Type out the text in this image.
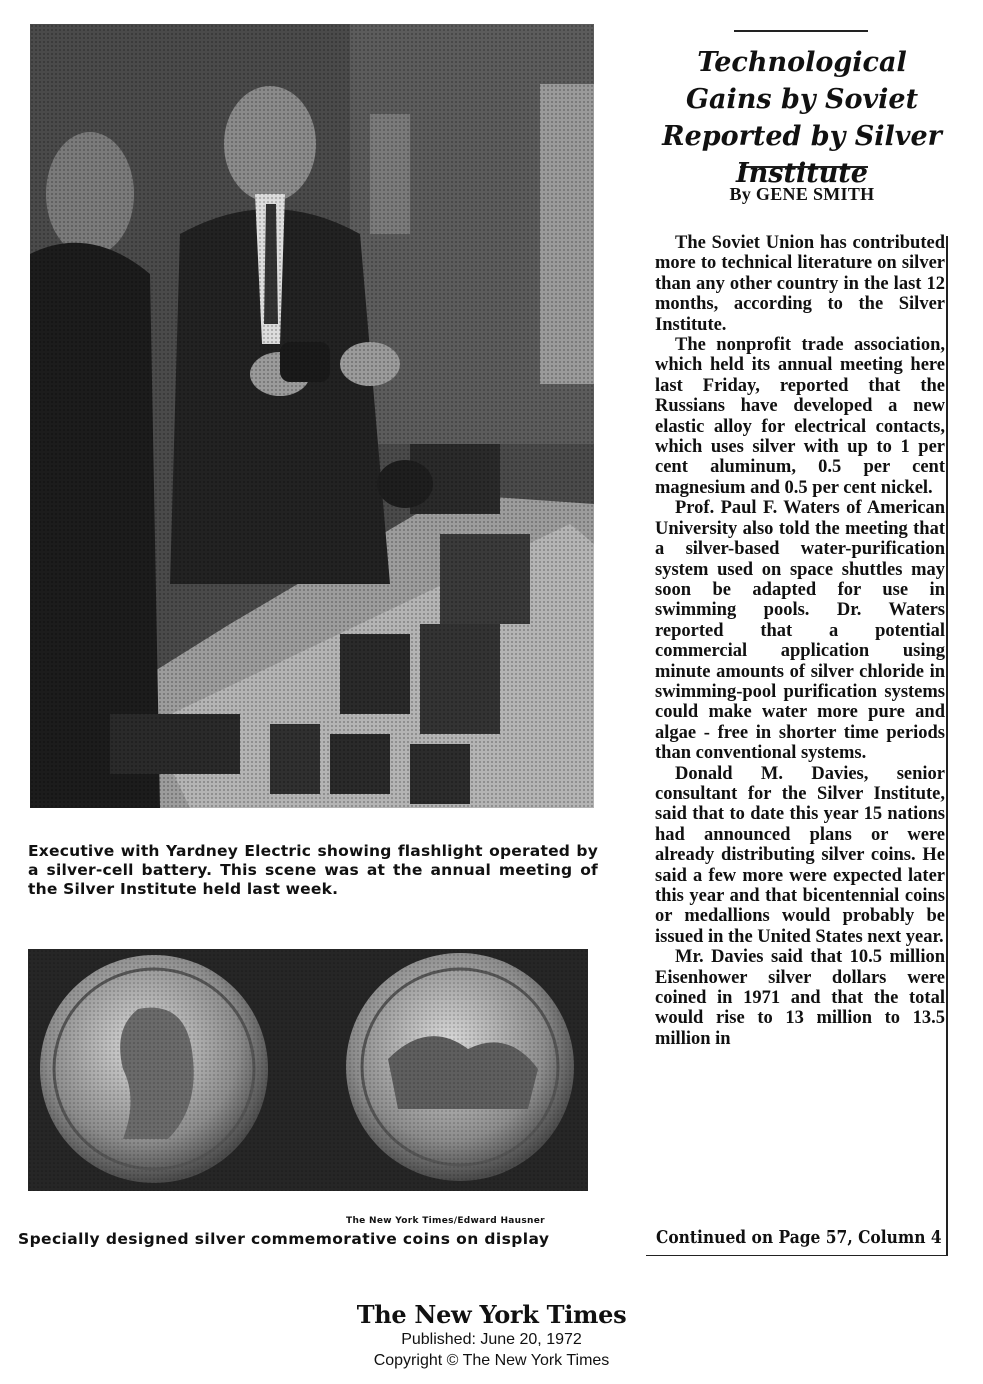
Executive with Yardney Electric showing flashlight operated by a silver-cell battery. This scene was at the annual meeting of the Silver Institute held last week.
The New York Times/Edward Hausner
Specially designed silver commemorative coins on display
Technological Gains by Soviet Reported by Silver Institute
By GENE SMITH

The Soviet Union has contributed more to technical literature on silver than any other country in the last 12 months, according to the Silver Institute.

The nonprofit trade association, which held its annual meeting here last Friday, reported that the Russians have developed a new elastic alloy for electrical contacts, which uses silver with up to 1 per cent aluminum, 0.5 per cent magnesium and 0.5 per cent nickel.

Prof. Paul F. Waters of American University also told the meeting that a silver-based water-purification system used on space shuttles may soon be adapted for use in swimming pools. Dr. Waters reported that a potential commercial application using minute amounts of silver chloride in swimming-pool purification systems could make water more pure and algae - free in shorter time periods than conventional systems.

Donald M. Davies, senior consultant for the Silver Institute, said that to date this year 15 nations had announced plans or were already distributing silver coins. He said a few more were expected later this year and that bicentennial coins or medallions would probably be issued in the United States next year.

Mr. Davies said that 10.5 million Eisenhower silver dollars were coined in 1971 and that the total would rise to 13 million to 13.5 million in

Continued on Page 57, Column 4
The New York Times
Published: June 20, 1972
Copyright © The New York Times
